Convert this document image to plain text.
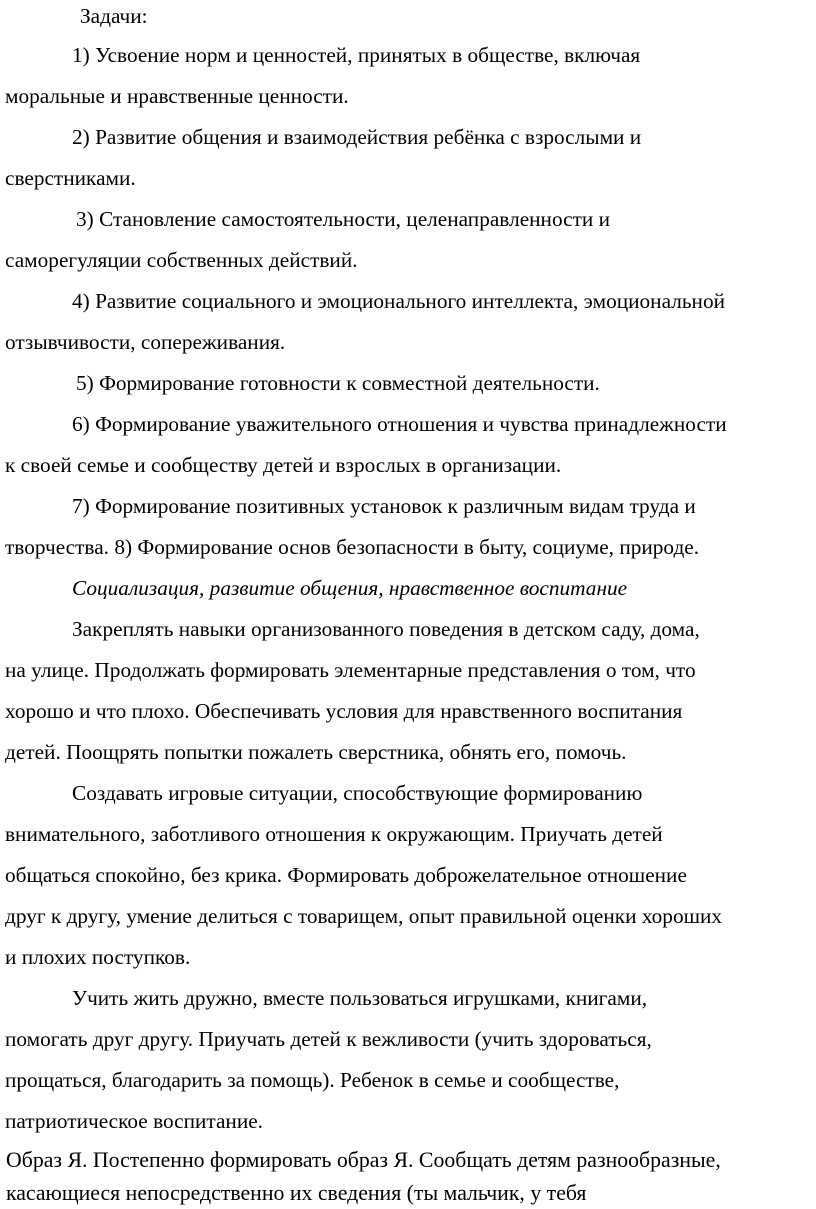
Задачи:

1) Усвоение норм и ценностей, принятых в обществе, включая

моральные и нравственные ценности.

2) Развитие общения и взаимодействия ребёнка с взрослыми и

сверстниками.

3) Становление самостоятельности, целенаправленности и

саморегуляции собственных действий.

4) Развитие социального и эмоционального интеллекта, эмоциональной

отзывчивости, сопереживания.

5) Формирование готовности к совместной деятельности.

6) Формирование уважительного отношения и чувства принадлежности

к своей семье и сообществу детей и взрослых в организации.

7) Формирование позитивных установок к различным видам труда и

творчества. 8) Формирование основ безопасности в быту, социуме, природе.

Социализация, развитие общения, нравственное воспитание

Закреплять навыки организованного поведения в детском саду, дома,

на улице. Продолжать формировать элементарные представления о том, что

хорошо и что плохо. Обеспечивать условия для нравственного воспитания

детей. Поощрять попытки пожалеть сверстника, обнять его, помочь.

Создавать игровые ситуации, способствующие формированию

внимательного, заботливого отношения к окружающим. Приучать детей

общаться спокойно, без крика. Формировать доброжелательное отношение

друг к другу, умение делиться с товарищем, опыт правильной оценки хороших

и плохих поступков.

Учить жить дружно, вместе пользоваться игрушками, книгами,

помогать друг другу. Приучать детей к вежливости (учить здороваться,

прощаться, благодарить за помощь). Ребенок в семье и сообществе,

патриотическое воспитание.

Образ Я. Постепенно формировать образ Я. Сообщать детям разнообразные,

касающиеся непосредственно их сведения (ты мальчик, у тебя
